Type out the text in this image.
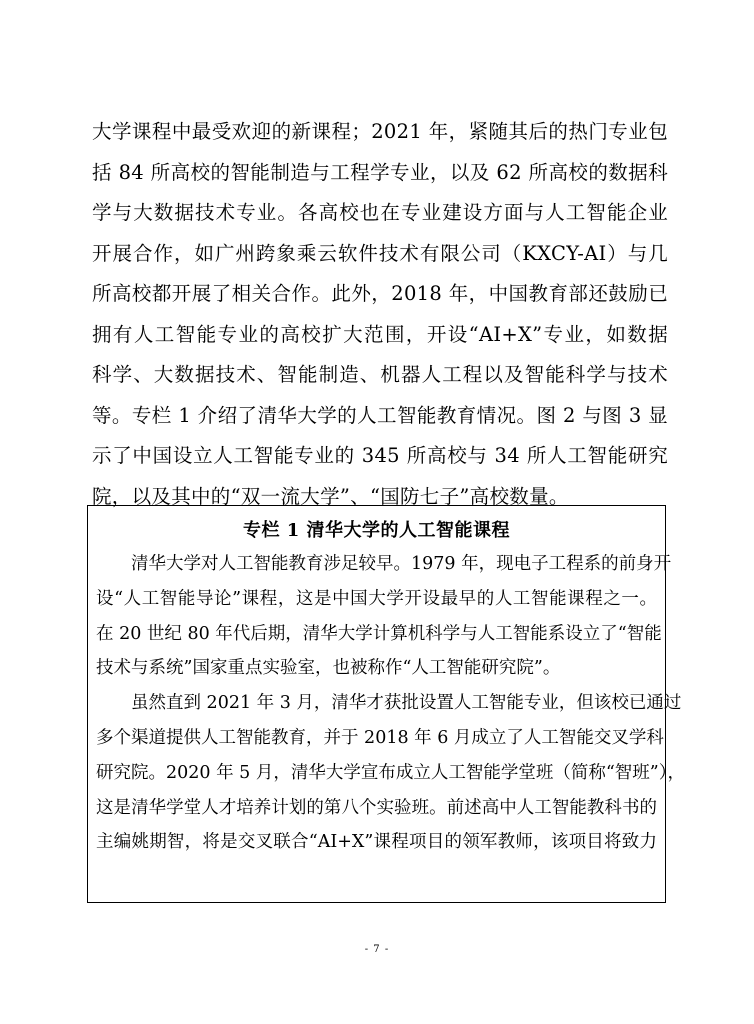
大学课程中最受欢迎的新课程；2021 年，紧随其后的热门专业包
括 84 所高校的智能制造与工程学专业，以及 62 所高校的数据科
学与大数据技术专业。各高校也在专业建设方面与人工智能企业
开展合作，如广州跨象乘云软件技术有限公司（KXCY-AI）与几
所高校都开展了相关合作。此外，2018 年，中国教育部还鼓励已
拥有人工智能专业的高校扩大范围，开设“AI+X”专业，如数据
科学、大数据技术、智能制造、机器人工程以及智能科学与技术
等。专栏 1 介绍了清华大学的人工智能教育情况。图 2 与图 3 显
示了中国设立人工智能专业的 345 所高校与 34 所人工智能研究
院，以及其中的“双一流大学”、“国防七子”高校数量。
专栏 1 清华大学的人工智能课程
清华大学对人工智能教育涉足较早。1979 年，现电子工程系的前身开
设“人工智能导论”课程，这是中国大学开设最早的人工智能课程之一。
在 20 世纪 80 年代后期，清华大学计算机科学与人工智能系设立了“智能
技术与系统”国家重点实验室，也被称作“人工智能研究院”。
虽然直到 2021 年 3 月，清华才获批设置人工智能专业，但该校已通过
多个渠道提供人工智能教育，并于 2018 年 6 月成立了人工智能交叉学科
研究院。2020 年 5 月，清华大学宣布成立人工智能学堂班（简称“智班”），
这是清华学堂人才培养计划的第八个实验班。前述高中人工智能教科书的
主编姚期智，将是交叉联合“AI+X”课程项目的领军教师，该项目将致力
- 7 -
